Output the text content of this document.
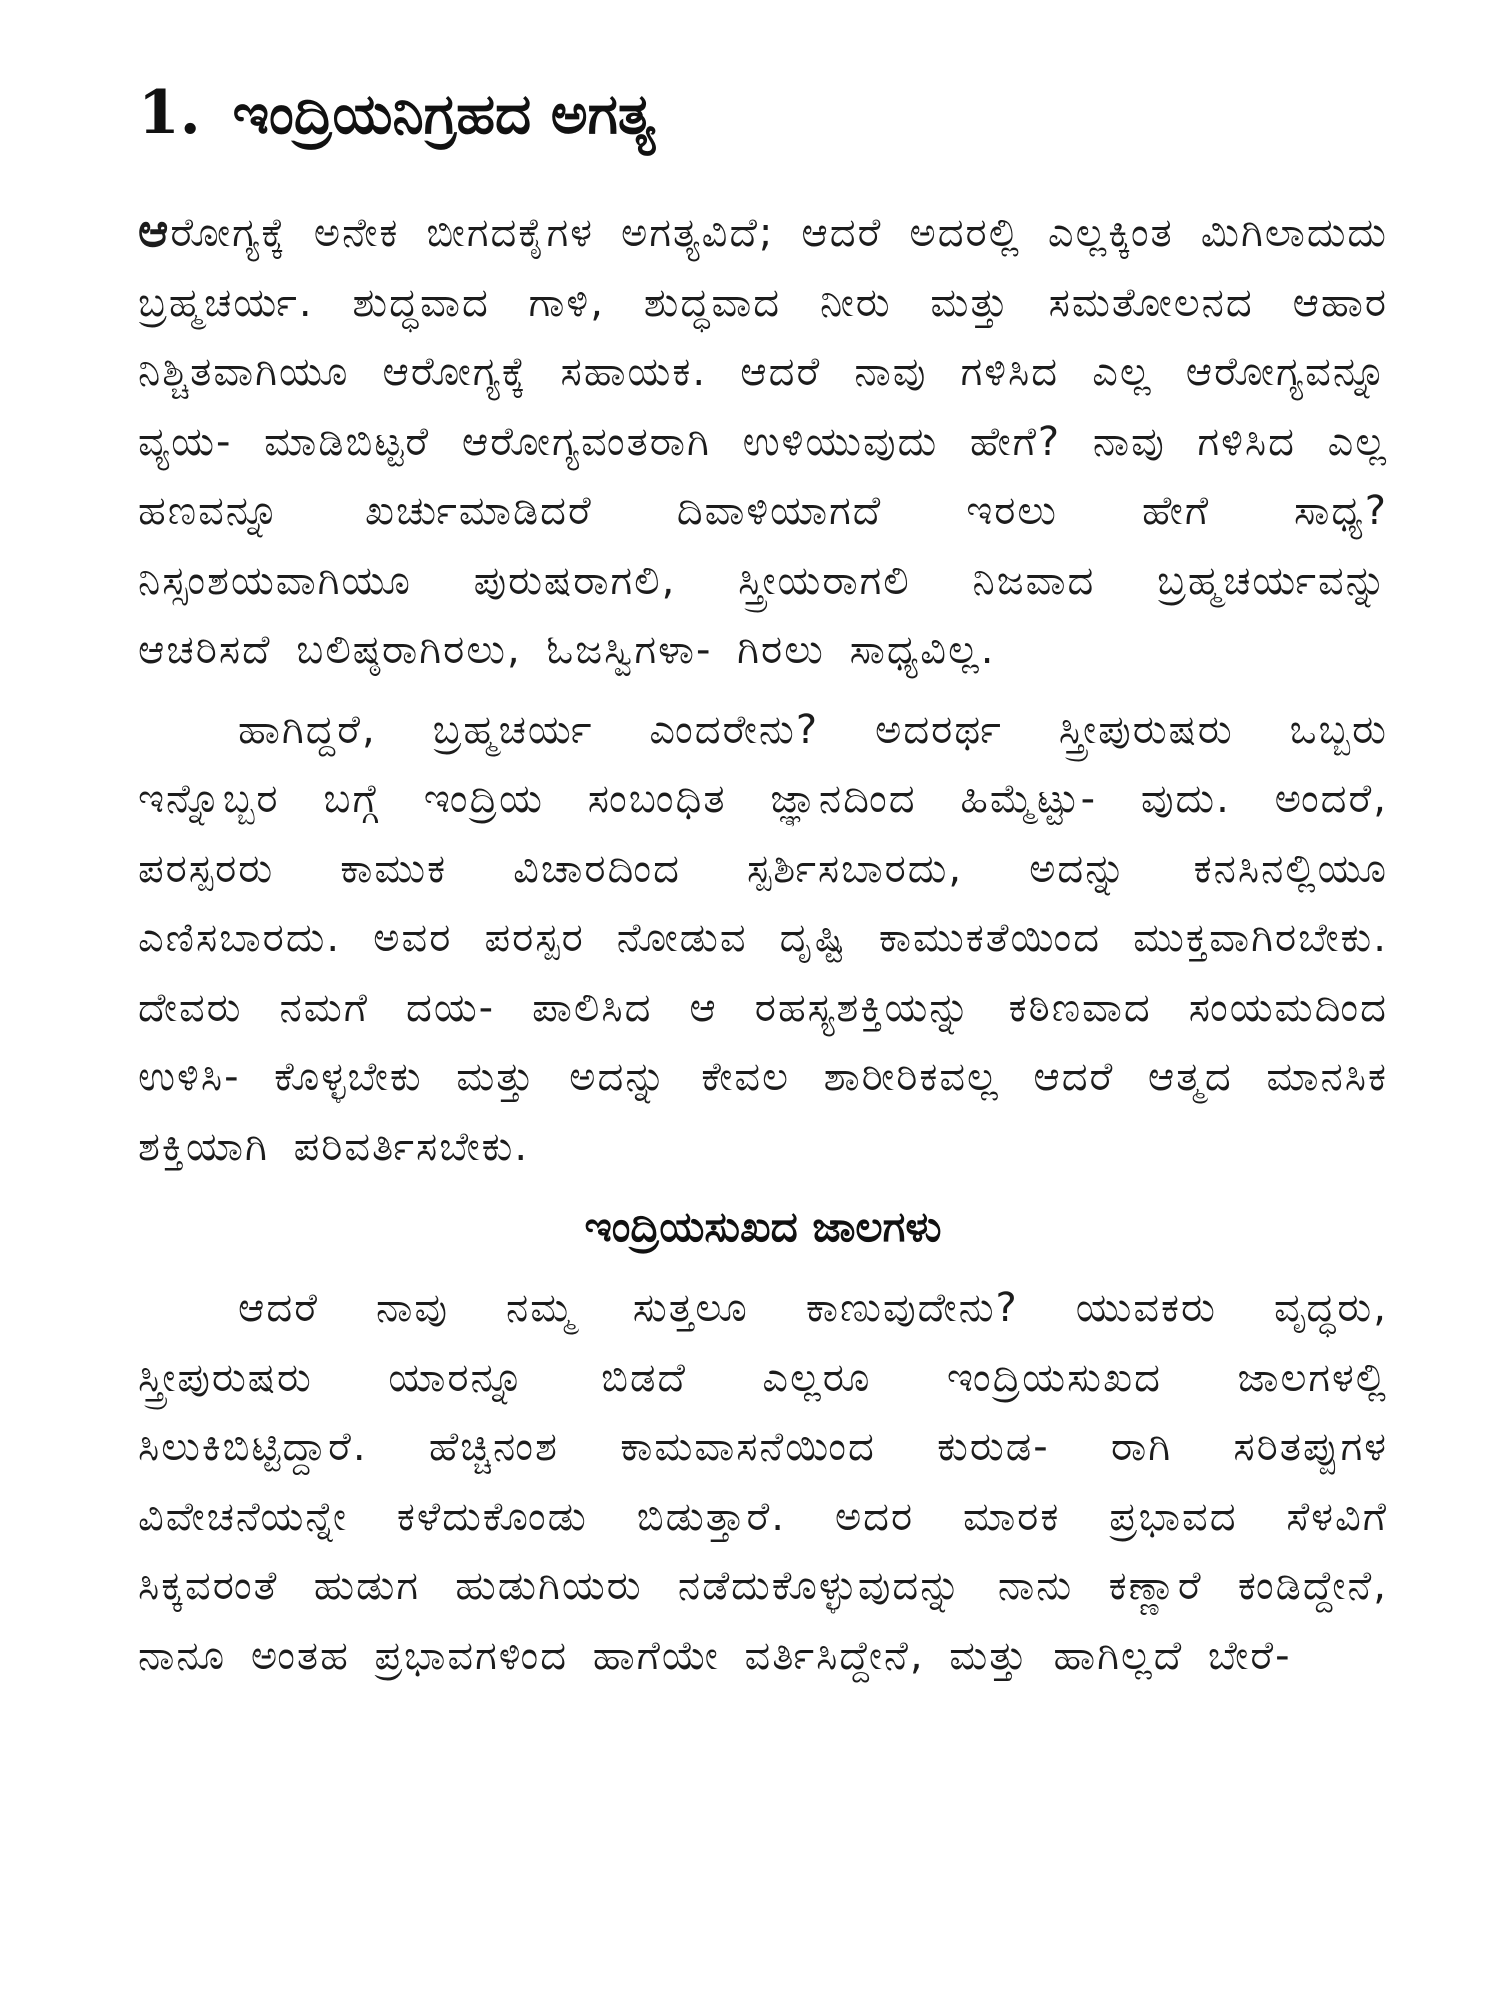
1. ಇಂದ್ರಿಯನಿಗ್ರಹದ ಅಗತ್ಯ

ಆರೋಗ್ಯಕ್ಕೆ ಅನೇಕ ಬೀಗದಕೈಗಳ ಅಗತ್ಯವಿದೆ; ಆದರೆ ಅದರಲ್ಲಿ ಎಲ್ಲಕ್ಕಿಂತ ಮಿಗಿಲಾದುದು ಬ್ರಹ್ಮಚರ್ಯ. ಶುದ್ಧವಾದ ಗಾಳಿ, ಶುದ್ಧವಾದ ನೀರು ಮತ್ತು ಸಮತೋಲನದ ಆಹಾರ ನಿಶ್ಚಿತವಾಗಿಯೂ ಆರೋಗ್ಯಕ್ಕೆ ಸಹಾಯಕ. ಆದರೆ ನಾವು ಗಳಿಸಿದ ಎಲ್ಲ ಆರೋಗ್ಯವನ್ನೂ ವ್ಯಯ- ಮಾಡಿಬಿಟ್ಟರೆ ಆರೋಗ್ಯವಂತರಾಗಿ ಉಳಿಯುವುದು ಹೇಗೆ? ನಾವು ಗಳಿಸಿದ ಎಲ್ಲ ಹಣವನ್ನೂ ಖರ್ಚುಮಾಡಿದರೆ ದಿವಾಳಿಯಾಗದೆ ಇರಲು ಹೇಗೆ ಸಾಧ್ಯ? ನಿಸ್ಸಂಶಯವಾಗಿಯೂ ಪುರುಷರಾಗಲಿ, ಸ್ತ್ರೀಯರಾಗಲಿ ನಿಜವಾದ ಬ್ರಹ್ಮಚರ್ಯವನ್ನು ಆಚರಿಸದೆ ಬಲಿಷ್ಠರಾಗಿರಲು, ಓಜಸ್ವಿಗಳಾ- ಗಿರಲು ಸಾಧ್ಯವಿಲ್ಲ.

ಹಾಗಿದ್ದರೆ, ಬ್ರಹ್ಮಚರ್ಯ ಎಂದರೇನು? ಅದರರ್ಥ ಸ್ತ್ರೀಪುರುಷರು ಒಬ್ಬರು ಇನ್ನೊಬ್ಬರ ಬಗ್ಗೆ ಇಂದ್ರಿಯ ಸಂಬಂಧಿತ ಜ್ಞಾನದಿಂದ ಹಿಮ್ಮೆಟ್ಟು- ವುದು. ಅಂದರೆ, ಪರಸ್ಪರರು ಕಾಮುಕ ವಿಚಾರದಿಂದ ಸ್ಪರ್ಶಿಸಬಾರದು, ಅದನ್ನು ಕನಸಿನಲ್ಲಿಯೂ ಎಣಿಸಬಾರದು. ಅವರ ಪರಸ್ಪರ ನೋಡುವ ದೃಷ್ಟಿ ಕಾಮುಕತೆಯಿಂದ ಮುಕ್ತವಾಗಿರಬೇಕು. ದೇವರು ನಮಗೆ ದಯ- ಪಾಲಿಸಿದ ಆ ರಹಸ್ಯಶಕ್ತಿಯನ್ನು ಕಠಿಣವಾದ ಸಂಯಮದಿಂದ ಉಳಿಸಿ- ಕೊಳ್ಳಬೇಕು ಮತ್ತು ಅದನ್ನು ಕೇವಲ ಶಾರೀರಿಕವಲ್ಲ ಆದರೆ ಆತ್ಮದ ಮಾನಸಿಕ ಶಕ್ತಿಯಾಗಿ ಪರಿವರ್ತಿಸಬೇಕು.

ಇಂದ್ರಿಯಸುಖದ ಜಾಲಗಳು

ಆದರೆ ನಾವು ನಮ್ಮ ಸುತ್ತಲೂ ಕಾಣುವುದೇನು? ಯುವಕರು ವೃದ್ಧರು, ಸ್ತ್ರೀಪುರುಷರು ಯಾರನ್ನೂ ಬಿಡದೆ ಎಲ್ಲರೂ ಇಂದ್ರಿಯಸುಖದ ಜಾಲಗಳಲ್ಲಿ ಸಿಲುಕಿಬಿಟ್ಟಿದ್ದಾರೆ. ಹೆಚ್ಚಿನಂಶ ಕಾಮವಾಸನೆಯಿಂದ ಕುರುಡ- ರಾಗಿ ಸರಿತಪ್ಪುಗಳ ವಿವೇಚನೆಯನ್ನೇ ಕಳೆದುಕೊಂಡು ಬಿಡುತ್ತಾರೆ. ಅದರ ಮಾರಕ ಪ್ರಭಾವದ ಸೆಳವಿಗೆ ಸಿಕ್ಕವರಂತೆ ಹುಡುಗ ಹುಡುಗಿಯರು ನಡೆದುಕೊಳ್ಳುವುದನ್ನು ನಾನು ಕಣ್ಣಾರೆ ಕಂಡಿದ್ದೇನೆ, ನಾನೂ ಅಂತಹ ಪ್ರಭಾವಗಳಿಂದ ಹಾಗೆಯೇ ವರ್ತಿಸಿದ್ದೇನೆ, ಮತ್ತು ಹಾಗಿಲ್ಲದೆ ಬೇರೆ-
